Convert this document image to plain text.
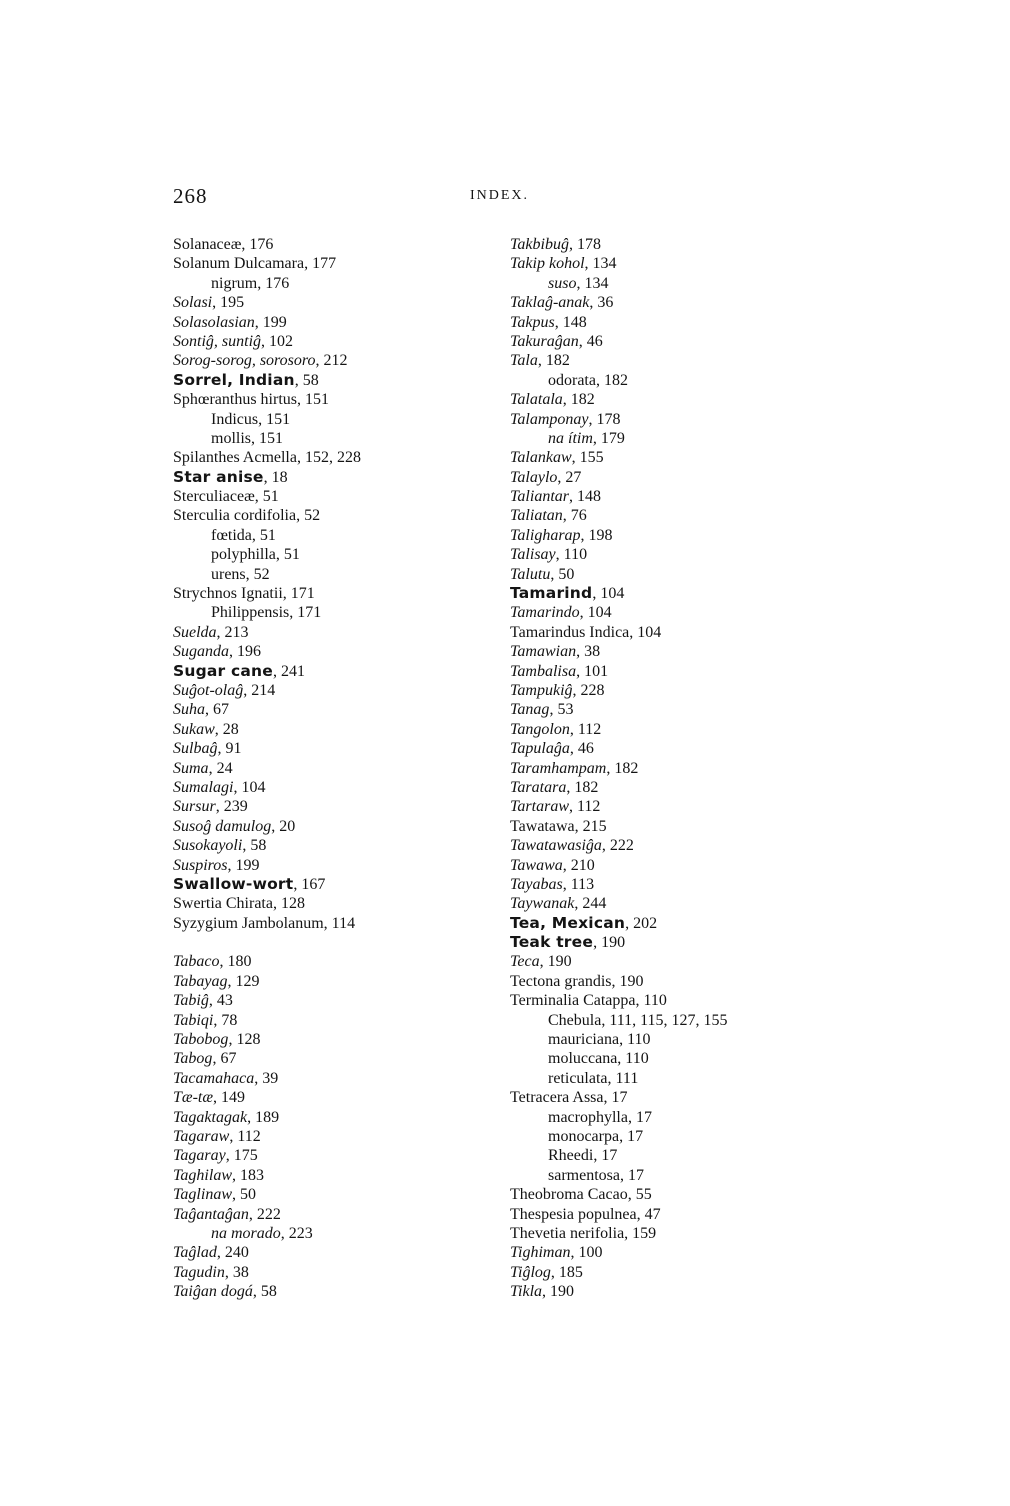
268	INDEX.
Solanaceæ, 176
Solanum Dulcamara, 177
nigrum, 176
Solasi, 195
Solasolasian, 199
Sontiĝ, suntiĝ, 102
Sorog-sorog, sorosoro, 212
Sorrel, Indian, 58
Sphœranthus hirtus, 151
Indicus, 151
mollis, 151
Spilanthes Acmella, 152, 228
Star anise, 18
Sterculiaceæ, 51
Sterculia cordifolia, 52
fœtida, 51
polyphilla, 51
urens, 52
Strychnos Ignatii, 171
Philippensis, 171
Suelda, 213
Suganda, 196
Sugar cane, 241
Suĝot-olaĝ, 214
Suha, 67
Sukaw, 28
Sulbaĝ, 91
Suma, 24
Sumalagi, 104
Sursur, 239
Susoĝ damulog, 20
Susokayoli, 58
Suspiros, 199
Swallow-wort, 167
Swertia Chirata, 128
Syzygium Jambolanum, 114
Tabaco, 180
Tabayag, 129
Tabiĝ, 43
Tabiqi, 78
Tabobog, 128
Tabog, 67
Tacamahaca, 39
Tæ-tæ, 149
Tagaktagak, 189
Tagaraw, 112
Tagaray, 175
Taghilaw, 183
Taglinaw, 50
Taĝantaĝan, 222
na morado, 223
Taĝlad, 240
Tagudin, 38
Taiĝan dogá, 58
Takbibuĝ, 178
Takip kohol, 134
suso, 134
Taklaĝ-anak, 36
Takpus, 148
Takuraĝan, 46
Tala, 182
odorata, 182
Talatala, 182
Talamponay, 178
na ítim, 179
Talankaw, 155
Talaylo, 27
Taliantar, 148
Taliatan, 76
Taligharap, 198
Talisay, 110
Talutu, 50
Tamarind, 104
Tamarindo, 104
Tamarindus Indica, 104
Tamawian, 38
Tambalisa, 101
Tampukiĝ, 228
Tanag, 53
Tangolon, 112
Tapulaĝa, 46
Taramhampam, 182
Taratara, 182
Tartaraw, 112
Tawatawa, 215
Tawatawasiĝa, 222
Tawawa, 210
Tayabas, 113
Taywanak, 244
Tea, Mexican, 202
Teak tree, 190
Teca, 190
Tectona grandis, 190
Terminalia Catappa, 110
Chebula, 111, 115, 127, 155
mauriciana, 110
moluccana, 110
reticulata, 111
Tetracera Assa, 17
macrophylla, 17
monocarpa, 17
Rheedi, 17
sarmentosa, 17
Theobroma Cacao, 55
Thespesia populnea, 47
Thevetia nerifolia, 159
Tighiman, 100
Tiĝlog, 185
Tikla, 190
